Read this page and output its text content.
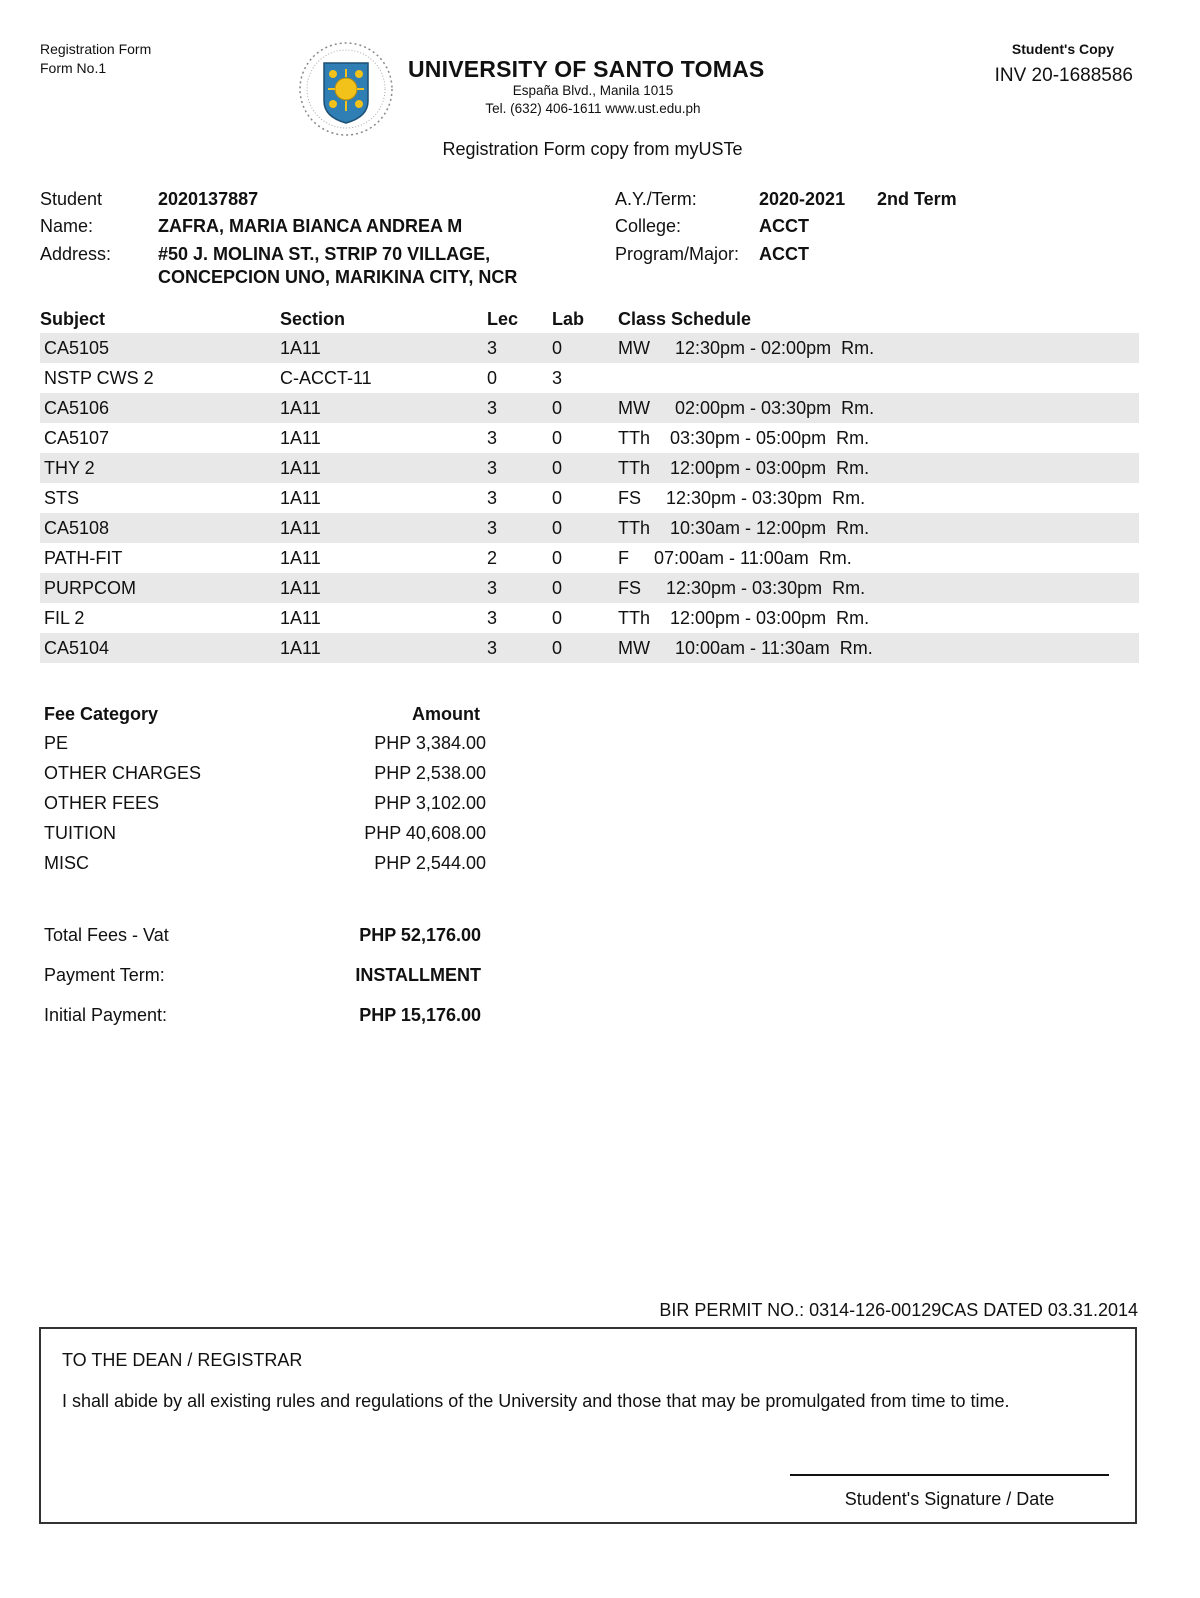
Registration Form
Form No.1	UNIVERSITY OF SANTO TOMAS
España Blvd., Manila 1015
Tel. (632) 406-1611 www.ust.edu.ph
Registration Form copy from myUSTe
Student's Copy
INV 20-1688586
Student	2020137887
Name:	ZAFRA, MARIA BIANCA ANDREA M
Address:	#50 J. MOLINA ST., STRIP 70 VILLAGE,
CONCEPCION UNO, MARIKINA CITY, NCR
A.Y./Term:	2020-2021 2nd Term
College:	ACCT
Program/Major: ACCT
Subject	Section	Lec	Lab	Class Schedule
CA5105	1A11	3	0	MW     12:30pm - 02:00pm  Rm.
NSTP CWS 2	C-ACCT-11	0	3	
CA5106	1A11	3	0	MW     02:00pm - 03:30pm  Rm.
CA5107	1A11	3	0	TTh    03:30pm - 05:00pm  Rm.
THY 2	1A11	3	0	TTh    12:00pm - 03:00pm  Rm.
STS	1A11	3	0	FS     12:30pm - 03:30pm  Rm.
CA5108	1A11	3	0	TTh    10:30am - 12:00pm  Rm.
PATH-FIT	1A11	2	0	F     07:00am - 11:00am  Rm.
PURPCOM	1A11	3	0	FS     12:30pm - 03:30pm  Rm.
FIL 2	1A11	3	0	TTh    12:00pm - 03:00pm  Rm.
CA5104	1A11	3	0	MW     10:00am - 11:30am  Rm.
Fee Category	Amount
PE	PHP 3,384.00
OTHER CHARGES	PHP 2,538.00
OTHER FEES	PHP 3,102.00
TUITION	PHP 40,608.00
MISC	PHP 2,544.00
Total Fees - Vat	PHP 52,176.00
Payment Term:	INSTALLMENT
Initial Payment:	PHP 15,176.00
BIR PERMIT NO.: 0314-126-00129CAS DATED 03.31.2014
TO THE DEAN / REGISTRAR
I shall abide by all existing rules and regulations of the University and those that may be promulgated from time to time.
Student's Signature / Date
